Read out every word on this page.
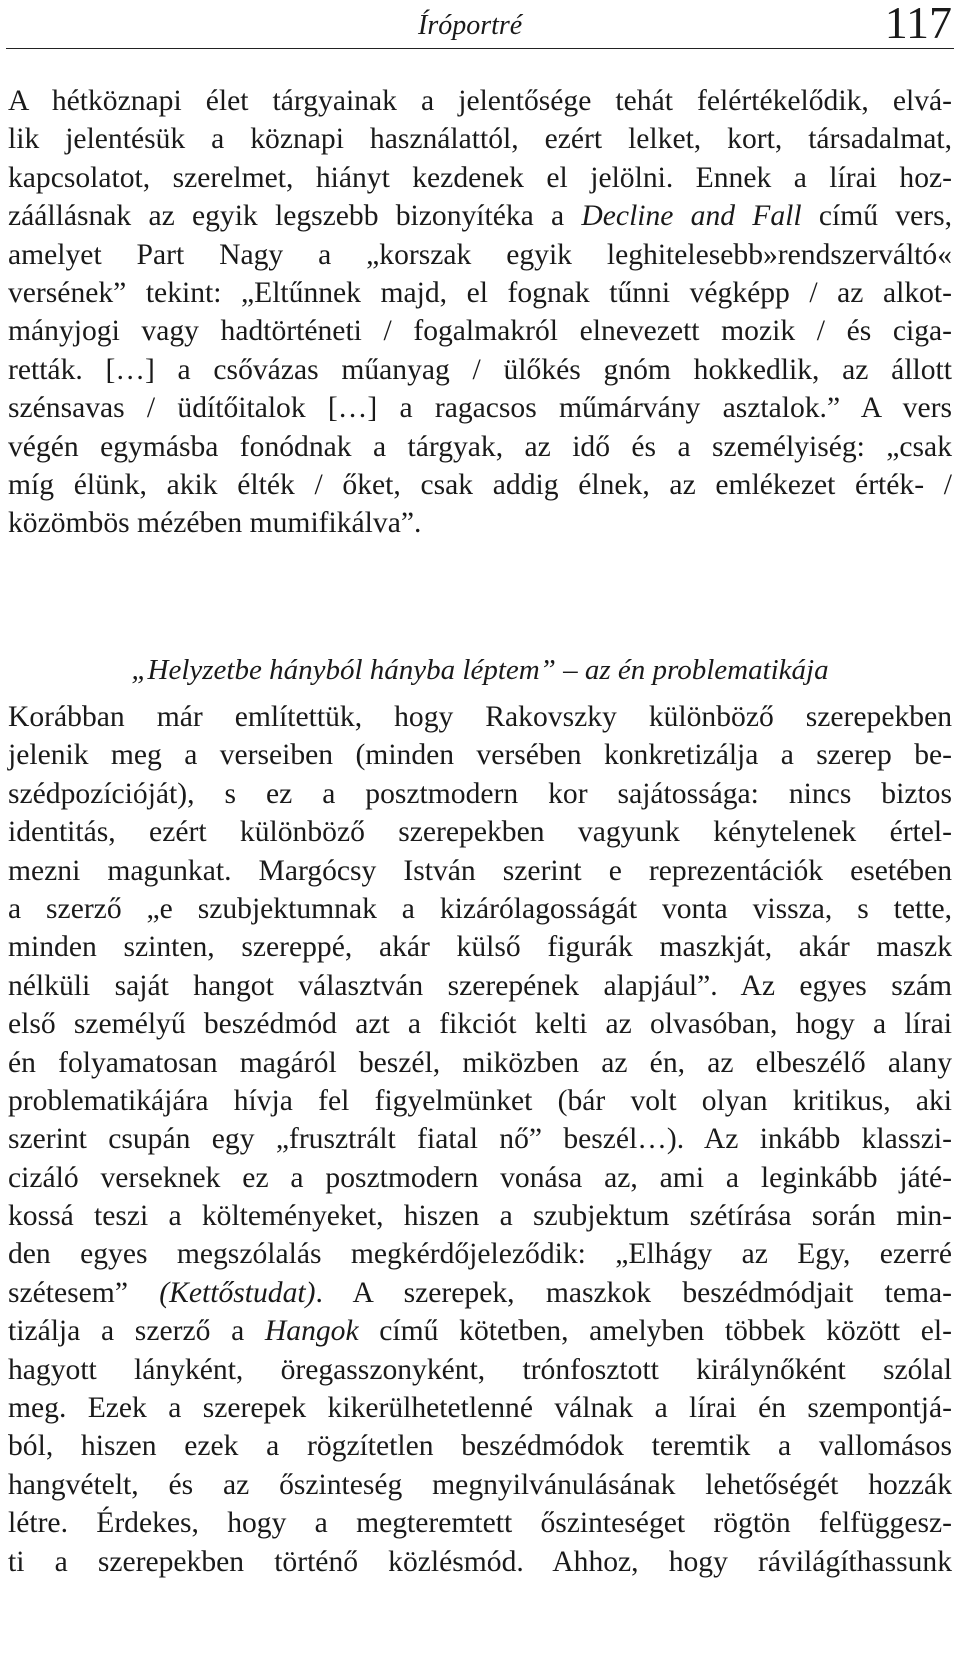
Íróportré	117
A hétköznapi élet tárgyainak a jelentősége tehát felértékelődik, elvá-
lik jelentésük a köznapi használattól, ezért lelket, kort, társadalmat,
kapcsolatot, szerelmet, hiányt kezdenek el jelölni. Ennek a lírai hoz-
záállásnak az egyik legszebb bizonyítéka a Decline and Fall című vers,
amelyet Part Nagy a „korszak egyik leghitelesebb»rendszerváltó«
versének” tekint: „Eltűnnek majd, el fognak tűnni végképp / az alkot-
mányjogi vagy hadtörténeti / fogalmakról elnevezett mozik / és ciga-
retták. […] a csővázas műanyag / ülőkés gnóm hokkedlik, az állott
szénsavas / üdítőitalok […] a ragacsos műmárvány asztalok.” A vers
végén egymásba fonódnak a tárgyak, az idő és a személyiség: „csak
míg élünk, akik élték / őket, csak addig élnek, az emlékezet érték- /
közömbös mézében mumifikálva”.
„Helyzetbe hányból hányba léptem” – az én problematikája
Korábban már említettük, hogy Rakovszky különböző szerepekben
jelenik meg a verseiben (minden versében konkretizálja a szerep be-
szédpozícióját), s ez a posztmodern kor sajátossága: nincs biztos
identitás, ezért különböző szerepekben vagyunk kénytelenek értel-
mezni magunkat. Margócsy István szerint e reprezentációk esetében
a szerző „e szubjektumnak a kizárólagosságát vonta vissza, s tette,
minden szinten, szereppé, akár külső figurák maszkját, akár maszk
nélküli saját hangot választván szerepének alapjául”. Az egyes szám
első személyű beszédmód azt a fikciót kelti az olvasóban, hogy a lírai
én folyamatosan magáról beszél, miközben az én, az elbeszélő alany
problematikájára hívja fel figyelmünket (bár volt olyan kritikus, aki
szerint csupán egy „frusztrált fiatal nő” beszél…). Az inkább klasszi-
cizáló verseknek ez a posztmodern vonása az, ami a leginkább játé-
kossá teszi a költeményeket, hiszen a szubjektum szétírása során min-
den egyes megszólalás megkérdőjeleződik: „Elhágy az Egy, ezerré
szétesem” (Kettőstudat). A szerepek, maszkok beszédmódjait tema-
tizálja a szerző a Hangok című kötetben, amelyben többek között el-
hagyott lányként, öregasszonyként, trónfosztott királynőként szólal
meg. Ezek a szerepek kikerülhetetlenné válnak a lírai én szempontjá-
ból, hiszen ezek a rögzítetlen beszédmódok teremtik a vallomásos
hangvételt, és az őszinteség megnyilvánulásának lehetőségét hozzák
létre. Érdekes, hogy a megteremtett őszinteséget rögtön felfüggesz-
ti a szerepekben történő közlésmód. Ahhoz, hogy rávilágíthassunk
